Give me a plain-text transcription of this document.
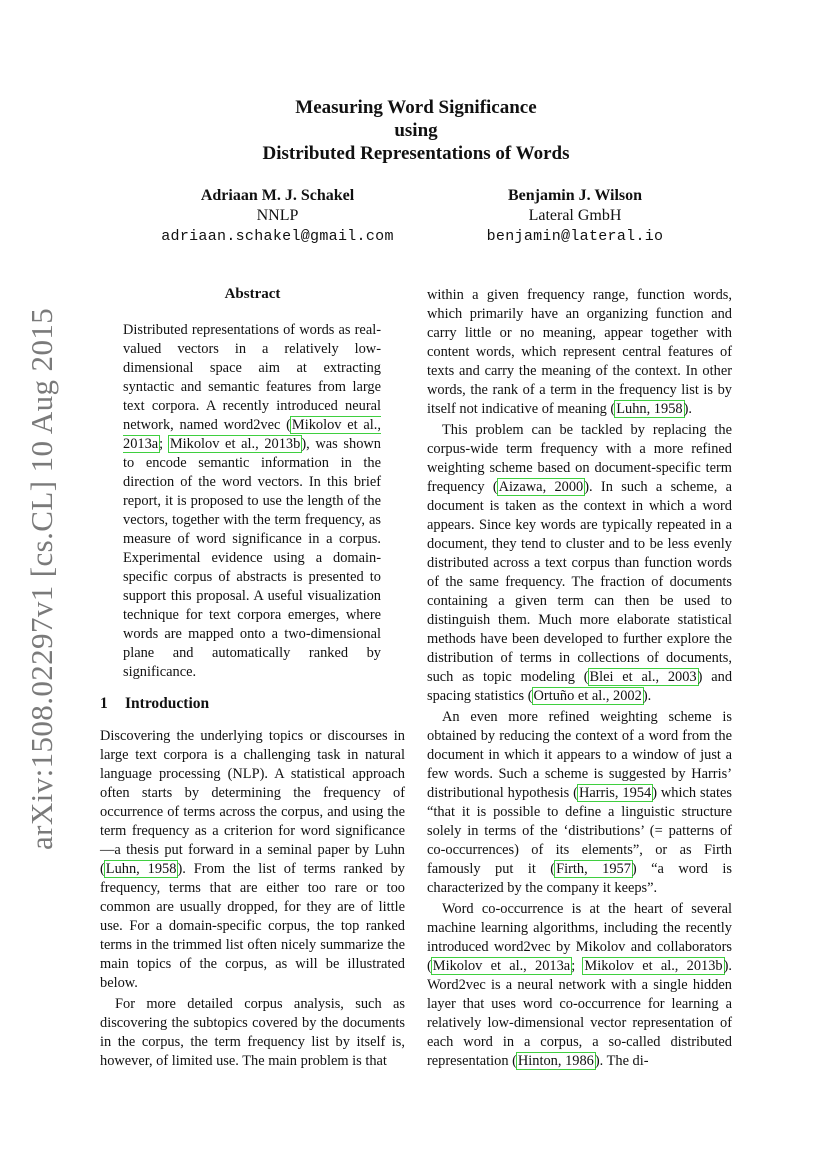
arXiv:1508.02297v1 [cs.CL] 10 Aug 2015
Measuring Word Significance
using
Distributed Representations of Words
Adriaan M. J. Schakel
NNLP
adriaan.schakel@gmail.com
Benjamin J. Wilson
Lateral GmbH
benjamin@lateral.io
Abstract

Distributed representations of words as real-valued vectors in a relatively low-dimensional space aim at extracting syntactic and semantic features from large text corpora. A recently introduced neural network, named word2vec (Mikolov et al., 2013a; Mikolov et al., 2013b), was shown to encode semantic information in the direction of the word vectors. In this brief report, it is proposed to use the length of the vectors, together with the term frequency, as measure of word significance in a corpus. Experimental evidence using a domain-specific corpus of abstracts is presented to support this proposal. A useful visualization technique for text corpora emerges, where words are mapped onto a two-dimensional plane and automatically ranked by significance.

1 Introduction

Discovering the underlying topics or discourses in large text corpora is a challenging task in natural language processing (NLP). A statistical approach often starts by determining the frequency of occurrence of terms across the corpus, and using the term frequency as a criterion for word significance—a thesis put forward in a seminal paper by Luhn (Luhn, 1958). From the list of terms ranked by frequency, terms that are either too rare or too common are usually dropped, for they are of little use. For a domain-specific corpus, the top ranked terms in the trimmed list often nicely summarize the main topics of the corpus, as will be illustrated below.

For more detailed corpus analysis, such as discovering the subtopics covered by the documents in the corpus, the term frequency list by itself is, however, of limited use. The main problem is that

within a given frequency range, function words, which primarily have an organizing function and carry little or no meaning, appear together with content words, which represent central features of texts and carry the meaning of the context. In other words, the rank of a term in the frequency list is by itself not indicative of meaning (Luhn, 1958).

This problem can be tackled by replacing the corpus-wide term frequency with a more refined weighting scheme based on document-specific term frequency (Aizawa, 2000). In such a scheme, a document is taken as the context in which a word appears. Since key words are typically repeated in a document, they tend to cluster and to be less evenly distributed across a text corpus than function words of the same frequency. The fraction of documents containing a given term can then be used to distinguish them. Much more elaborate statistical methods have been developed to further explore the distribution of terms in collections of documents, such as topic modeling (Blei et al., 2003) and spacing statistics (Ortuño et al., 2002).

An even more refined weighting scheme is obtained by reducing the context of a word from the document in which it appears to a window of just a few words. Such a scheme is suggested by Harris’ distributional hypothesis (Harris, 1954) which states “that it is possible to define a linguistic structure solely in terms of the ‘distributions’ (= patterns of co-occurrences) of its elements”, or as Firth famously put it (Firth, 1957) “a word is characterized by the company it keeps”.

Word co-occurrence is at the heart of several machine learning algorithms, including the recently introduced word2vec by Mikolov and collaborators (Mikolov et al., 2013a; Mikolov et al., 2013b). Word2vec is a neural network with a single hidden layer that uses word co-occurrence for learning a relatively low-dimensional vector representation of each word in a corpus, a so-called distributed representation (Hinton, 1986). The di-
